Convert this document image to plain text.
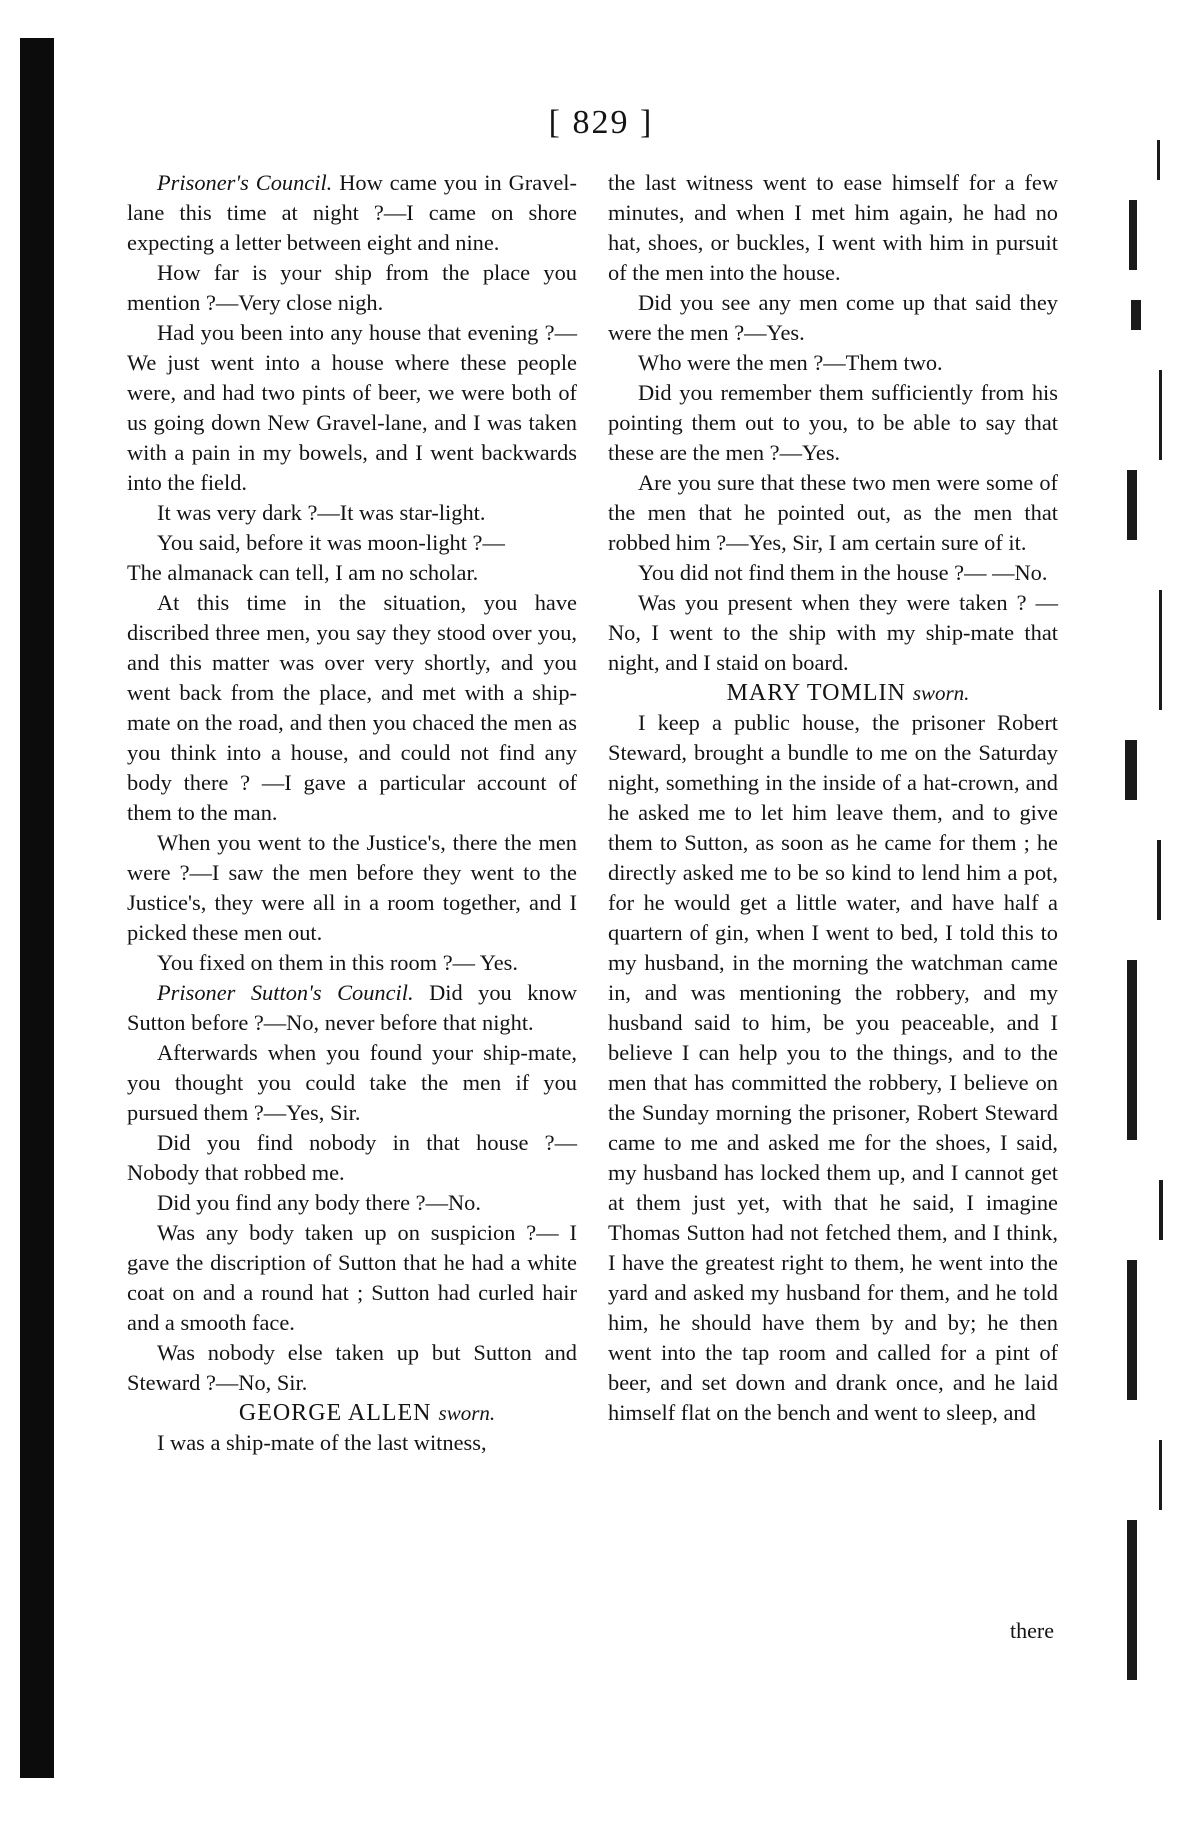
[ 829 ]

Prisoner's Council. How came you in Gravel-lane this time at night ?—I came on shore expecting a letter between eight and nine.

How far is your ship from the place you mention ?—Very close nigh.

Had you been into any house that evening ?—We just went into a house where these people were, and had two pints of beer, we were both of us going down New Gravel-lane, and I was taken with a pain in my bowels, and I went backwards into the field.

It was very dark ?—It was star-light.

You said, before it was moon-light ?—

The almanack can tell, I am no scholar.

At this time in the situation, you have discribed three men, you say they stood over you, and this matter was over very shortly, and you went back from the place, and met with a ship-mate on the road, and then you chaced the men as you think into a house, and could not find any body there ? —I gave a particular account of them to the man.

When you went to the Justice's, there the men were ?—I saw the men before they went to the Justice's, they were all in a room together, and I picked these men out.

You fixed on them in this room ?— Yes.

Prisoner Sutton's Council. Did you know Sutton before ?—No, never before that night.

Afterwards when you found your ship-mate, you thought you could take the men if you pursued them ?—Yes, Sir.

Did you find nobody in that house ?— Nobody that robbed me.

Did you find any body there ?—No.

Was any body taken up on suspicion ?— I gave the discription of Sutton that he had a white coat on and a round hat ; Sutton had curled hair and a smooth face.

Was nobody else taken up but Sutton and Steward ?—No, Sir.

GEORGE ALLEN sworn.

I was a ship-mate of the last witness,

the last witness went to ease himself for a few minutes, and when I met him again, he had no hat, shoes, or buckles, I went with him in pursuit of the men into the house.

Did you see any men come up that said they were the men ?—Yes.

Who were the men ?—Them two.

Did you remember them sufficiently from his pointing them out to you, to be able to say that these are the men ?—Yes.

Are you sure that these two men were some of the men that he pointed out, as the men that robbed him ?—Yes, Sir, I am certain sure of it.

You did not find them in the house ?— —No.

Was you present when they were taken ? —No, I went to the ship with my ship-mate that night, and I staid on board.

MARY TOMLIN sworn.

I keep a public house, the prisoner Robert Steward, brought a bundle to me on the Saturday night, something in the inside of a hat-crown, and he asked me to let him leave them, and to give them to Sutton, as soon as he came for them ; he directly asked me to be so kind to lend him a pot, for he would get a little water, and have half a quartern of gin, when I went to bed, I told this to my husband, in the morning the watchman came in, and was mentioning the robbery, and my husband said to him, be you peaceable, and I believe I can help you to the things, and to the men that has committed the robbery, I believe on the Sunday morning the prisoner, Robert Steward came to me and asked me for the shoes, I said, my husband has locked them up, and I cannot get at them just yet, with that he said, I imagine Thomas Sutton had not fetched them, and I think, I have the greatest right to them, he went into the yard and asked my husband for them, and he told him, he should have them by and by; he then went into the tap room and called for a pint of beer, and set down and drank once, and he laid himself flat on the bench and went to sleep, and

there
